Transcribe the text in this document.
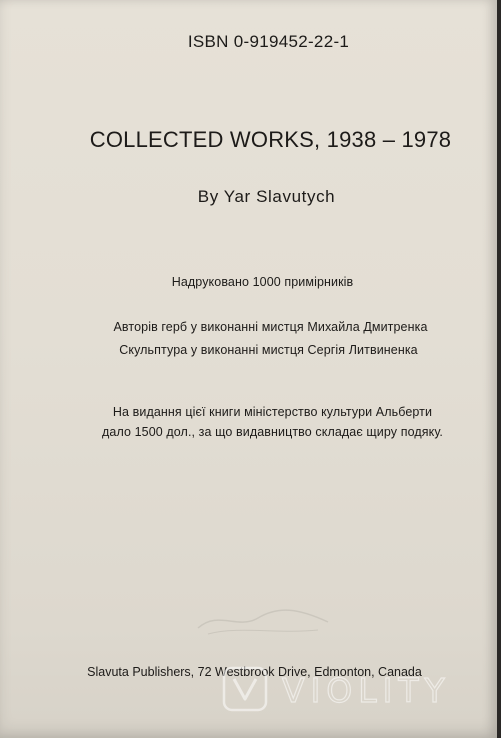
ISBN 0-919452-22-1
COLLECTED WORKS, 1938 – 1978
By Yar Slavutych
Надруковано 1000 примірників
Авторів герб у виконанні мистця Михайла Дмитренка
Скульптура у виконанні мистця Сергія Литвиненка
На видання цієї книги міністерство культури Альберти
дало 1500 дол., за що видавництво складає щиру подяку.
Slavuta Publishers, 72 Westbrook Drive, Edmonton, Canada
VIOLITY
